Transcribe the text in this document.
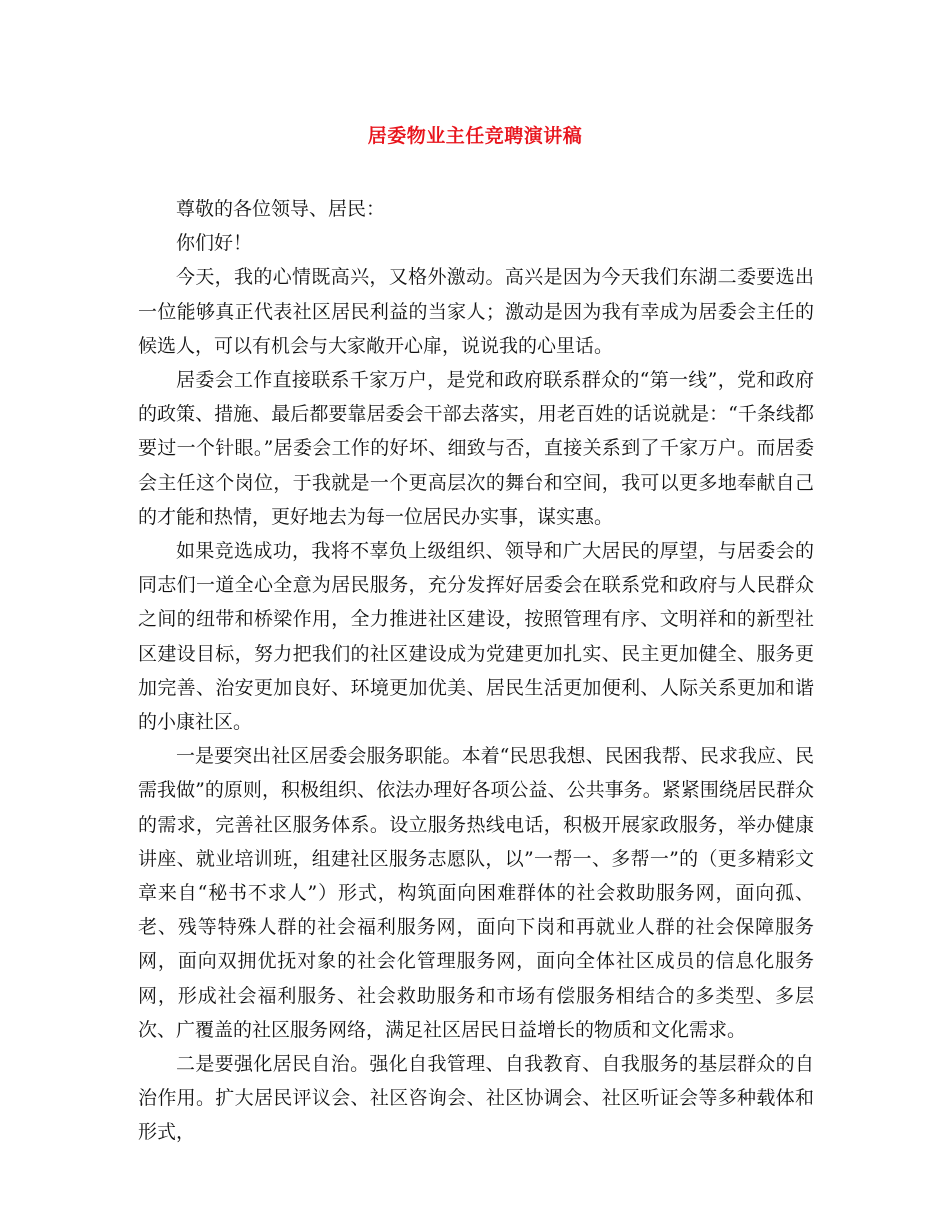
居委物业主任竞聘演讲稿

尊敬的各位领导、居民：

你们好！

今天，我的心情既高兴，又格外激动。高兴是因为今天我们东湖二委要选出一位能够真正代表社区居民利益的当家人；激动是因为我有幸成为居委会主任的候选人，可以有机会与大家敞开心扉，说说我的心里话。

居委会工作直接联系千家万户，是党和政府联系群众的“第一线”，党和政府的政策、措施、最后都要靠居委会干部去落实，用老百姓的话说就是：“千条线都要过一个针眼。”居委会工作的好坏、细致与否，直接关系到了千家万户。而居委会主任这个岗位，于我就是一个更高层次的舞台和空间，我可以更多地奉献自己的才能和热情，更好地去为每一位居民办实事，谋实惠。

如果竞选成功，我将不辜负上级组织、领导和广大居民的厚望，与居委会的同志们一道全心全意为居民服务，充分发挥好居委会在联系党和政府与人民群众之间的纽带和桥梁作用，全力推进社区建设，按照管理有序、文明祥和的新型社区建设目标，努力把我们的社区建设成为党建更加扎实、民主更加健全、服务更加完善、治安更加良好、环境更加优美、居民生活更加便利、人际关系更加和谐的小康社区。

一是要突出社区居委会服务职能。本着“民思我想、民困我帮、民求我应、民需我做”的原则，积极组织、依法办理好各项公益、公共事务。紧紧围绕居民群众的需求，完善社区服务体系。设立服务热线电话，积极开展家政服务，举办健康讲座、就业培训班，组建社区服务志愿队，以”一帮一、多帮一”的（更多精彩文章来自“秘书不求人”）形式，构筑面向困难群体的社会救助服务网，面向孤、老、残等特殊人群的社会福利服务网，面向下岗和再就业人群的社会保障服务网，面向双拥优抚对象的社会化管理服务网，面向全体社区成员的信息化服务网，形成社会福利服务、社会救助服务和市场有偿服务相结合的多类型、多层次、广覆盖的社区服务网络，满足社区居民日益增长的物质和文化需求。

二是要强化居民自治。强化自我管理、自我教育、自我服务的基层群众的自治作用。扩大居民评议会、社区咨询会、社区协调会、社区听证会等多种载体和形式，
